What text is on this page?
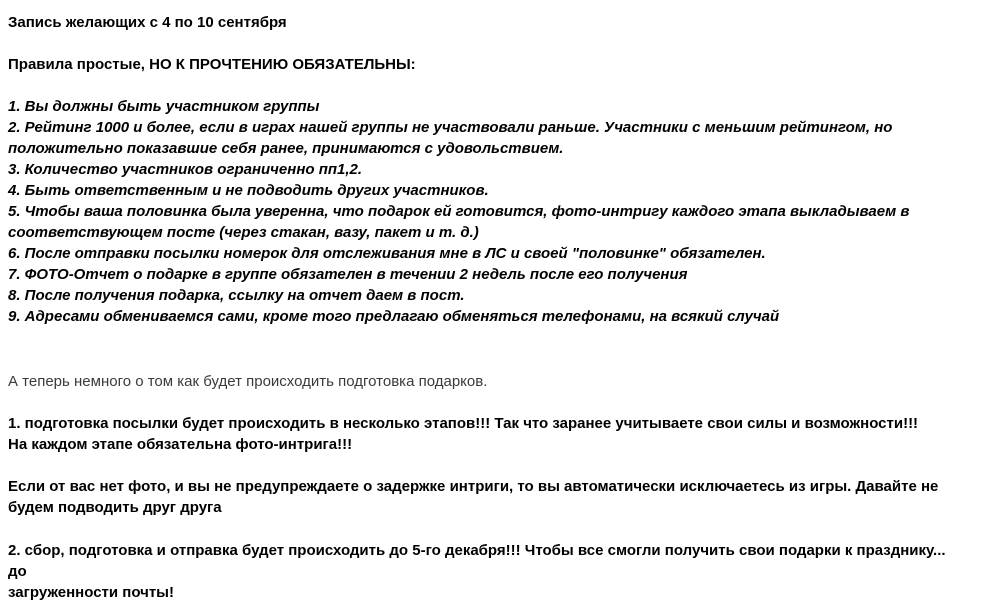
Запись желающих с 4 по 10 сентября
Правила простые, НО К ПРОЧТЕНИЮ ОБЯЗАТЕЛЬНЫ:
1. Вы должны быть участником группы
2. Рейтинг 1000 и более, если в играх нашей группы не участвовали раньше. Участники с меньшим рейтингом, но
положительно показавшие себя ранее, принимаются с удовольствием.
3. Количество участников ограниченно пп1,2.
4. Быть ответственным и не подводить других участников.
5. Чтобы ваша половинка была уверенна, что подарок ей готовится, фото-интригу каждого этапа выкладываем в
соответствующем посте (через стакан, вазу, пакет и т. д.)
6. После отправки посылки номерок для отслеживания мне в ЛС и своей "половинке" обязателен.
7. ФОТО-Отчет о подарке в группе обязателен в течении 2 недель после его получения
8. После получения подарка, ссылку на отчет даем в пост.
9. Адресами обмениваемся сами, кроме того предлагаю обменяться телефонами, на всякий случай
А теперь немного о том как будет происходить подготовка подарков.
1. подготовка посылки будет происходить в несколько этапов!!! Так что заранее учитываете свои силы и возможности!!!
На каждом этапе обязательна фото-интрига!!!
Если от вас нет фото, и вы не предупреждаете о задержке интриги, то вы автоматически исключаетесь из игры. Давайте не
будем подводить друг друга
2. сбор, подготовка и отправка будет происходить до 5-го декабря!!! Чтобы все смогли получить свои подарки к празднику... до
загруженности почты!
